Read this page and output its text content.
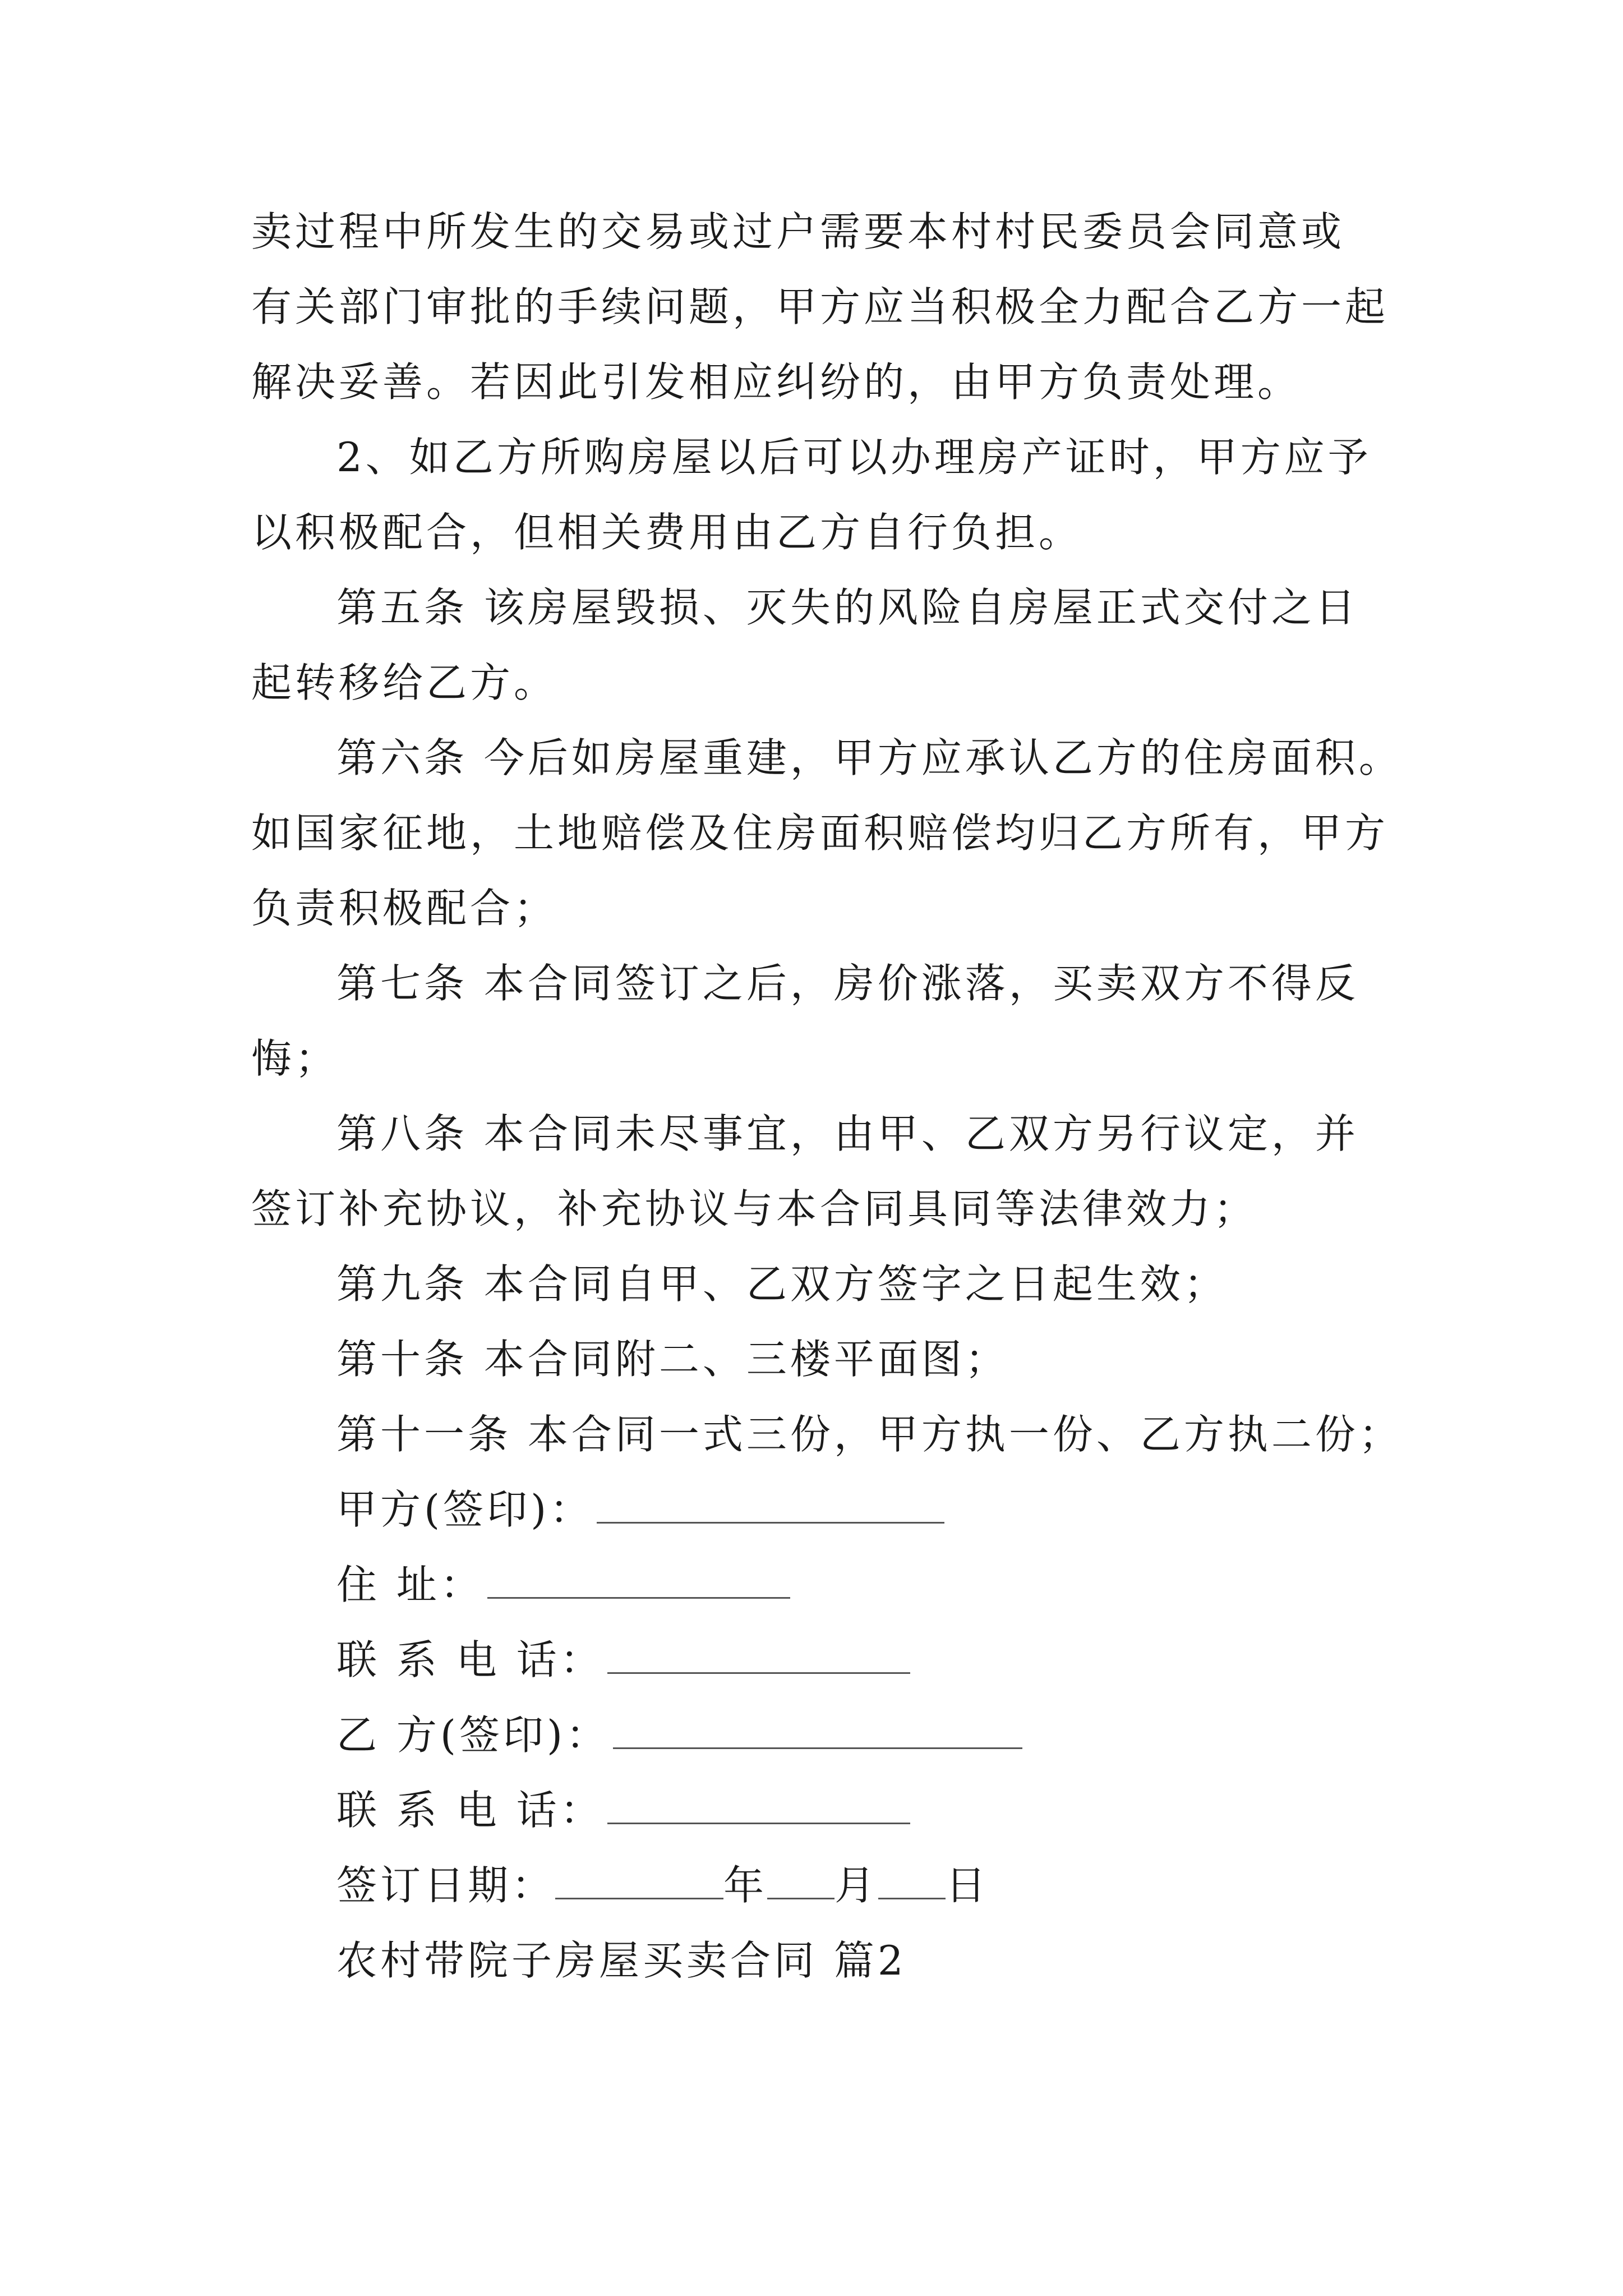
卖过程中所发生的交易或过户需要本村村民委员会同意或
有关部门审批的手续问题，甲方应当积极全力配合乙方一起
解决妥善。若因此引发相应纠纷的，由甲方负责处理。
2、如乙方所购房屋以后可以办理房产证时，甲方应予
以积极配合，但相关费用由乙方自行负担。
第五条 该房屋毁损、灭失的风险自房屋正式交付之日
起转移给乙方。
第六条 今后如房屋重建，甲方应承认乙方的住房面积。
如国家征地，土地赔偿及住房面积赔偿均归乙方所有，甲方
负责积极配合；
第七条 本合同签订之后，房价涨落，买卖双方不得反
悔；
第八条 本合同未尽事宜，由甲、乙双方另行议定，并
签订补充协议，补充协议与本合同具同等法律效力；
第九条 本合同自甲、乙双方签字之日起生效；
第十条 本合同附二、三楼平面图；
第十一条 本合同一式三份，甲方执一份、乙方执二份；
甲方(签印)：
住 址：
联 系 电 话：
乙 方(签印)：
联 系 电 话：
签订日期：	年 月 日
农村带院子房屋买卖合同 篇2
